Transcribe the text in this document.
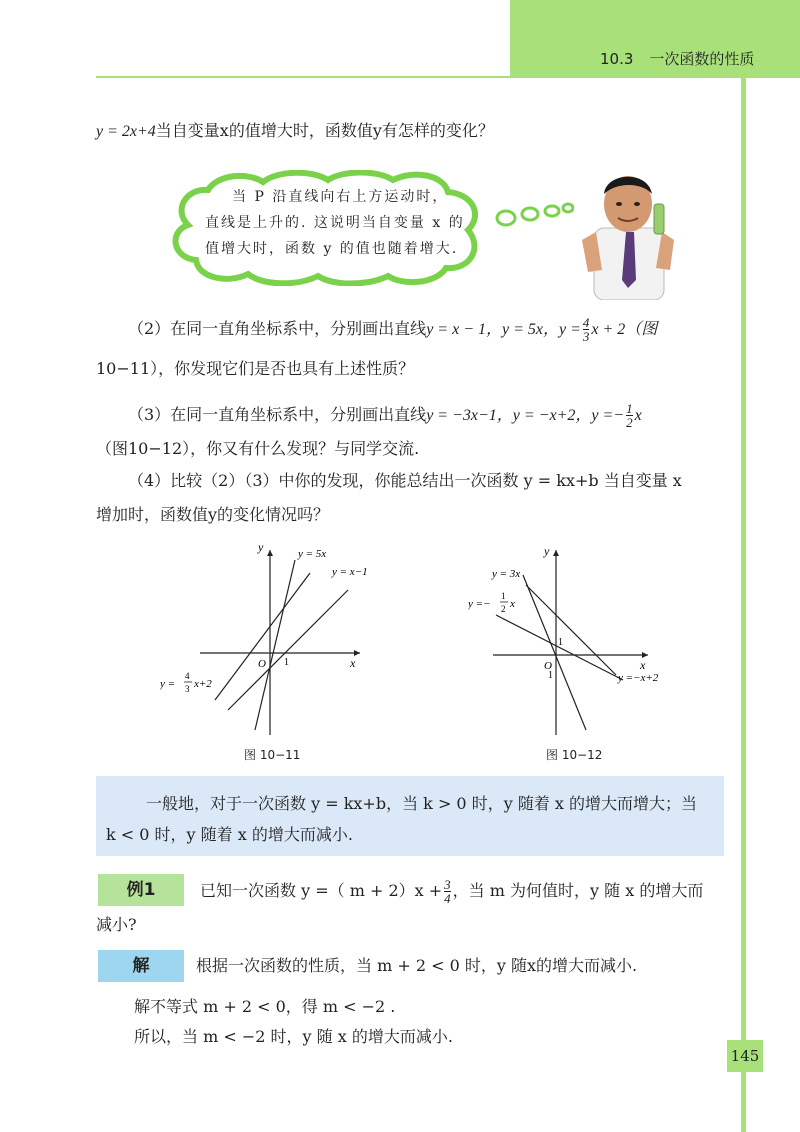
10.3 一次函数的性质
y = 2x+4当自变量x的值增大时，函数值y有怎样的变化？
当 P 沿直线向右上方运动时，
直线是上升的. 这说明当自变量 x 的
值增大时，函数 y 的值也随着增大.
（2）在同一直角坐标系中，分别画出直线y = x − 1，y = 5x，$y = \frac{4}{3}$ x + 2（图
10−11），你发现它们是否也具有上述性质？
（3）在同一直角坐标系中，分别画出直线y = −3x−1，y = −x+2，$y =- \frac{1}{2}$ x
（图10−12），你又有什么发现？与同学交流.
（4）比较（2）（3）中你的发现，你能总结出一次函数 y = kx+b 当自变量 x
增加时，函数值y的变化情况吗？
y
x
O 1
y = 5x
y = x−1
y =
4
3 x+2
图 10−11
y
x
O
1
1
y = 3x
y =−
1
2 x
y =−x+2
图 10−12
一般地，对于一次函数 y = kx+b，当 k > 0 时，y 随着 x 的增大而增大；当
k < 0 时，y 随着 x 的增大而减小.
例1	已知一次函数 y =（ $m + 2)x + \frac{3}{4}$ ，当 m 为何值时，y 随 x 的增大而
减小?
解	根据一次函数的性质，当 m + 2 < 0 时，y 随x的增大而减小.
解不等式 m + 2 < 0，得 m < −2 .
所以，当 m < −2 时，y 随 x 的增大而减小.
145
